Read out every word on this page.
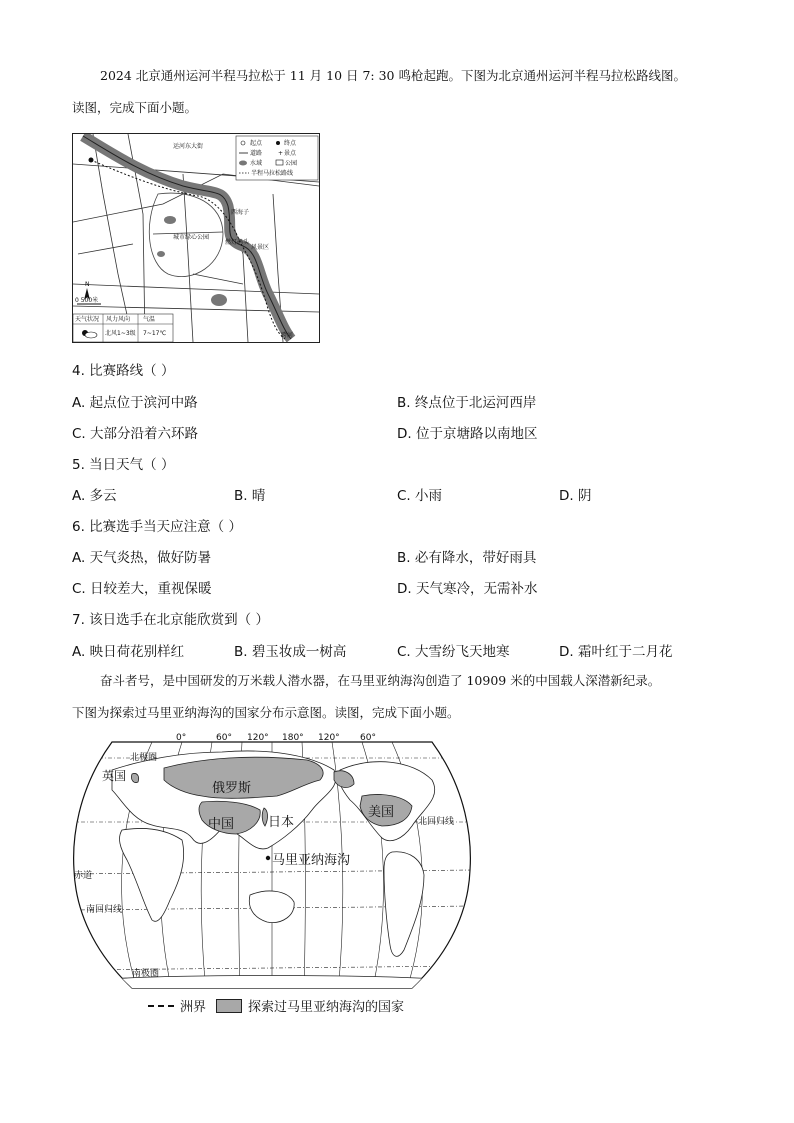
2024 北京通州运河半程马拉松于 11 月 10 日 7: 30 鸣枪起跑。下图为北京通州运河半程马拉松路线图。
读图，完成下面小题。
起点	终点
道路	+ 景点
水域	公园
半程马拉松路线
运河东大街
城市绿心公园
燃灯码头
西海子
风景区
跨河
N
0 500米
天气状况 风力风向 气温
北风1~3级 7~17℃
4. 比赛路线（ ）
A. 起点位于滨河中路	B. 终点位于北运河西岸
C. 大部分沿着六环路	D. 位于京塘路以南地区
5. 当日天气（ ）
A. 多云	B. 晴	C. 小雨	D. 阴
6. 比赛选手当天应注意（ ）
A. 天气炎热，做好防暑	B. 必有降水，带好雨具
C. 日较差大，重视保暖	D. 天气寒冷，无需补水
7. 该日选手在北京能欣赏到（ ）
A. 映日荷花别样红	B. 碧玉妆成一树高	C. 大雪纷飞天地寒	D. 霜叶红于二月花
奋斗者号，是中国研发的万米载人潜水器，在马里亚纳海沟创造了 10909 米的中国载人深潜新纪录。
下图为探索过马里亚纳海沟的国家分布示意图。读图，完成下面小题。
0°	60° 120° 180° 120° 60°
北极圈
北回归线
赤道
南回归线
南极圈
英国
俄罗斯
中国	日本
美国
马里亚纳海沟
洲界	探索过马里亚纳海沟的国家
